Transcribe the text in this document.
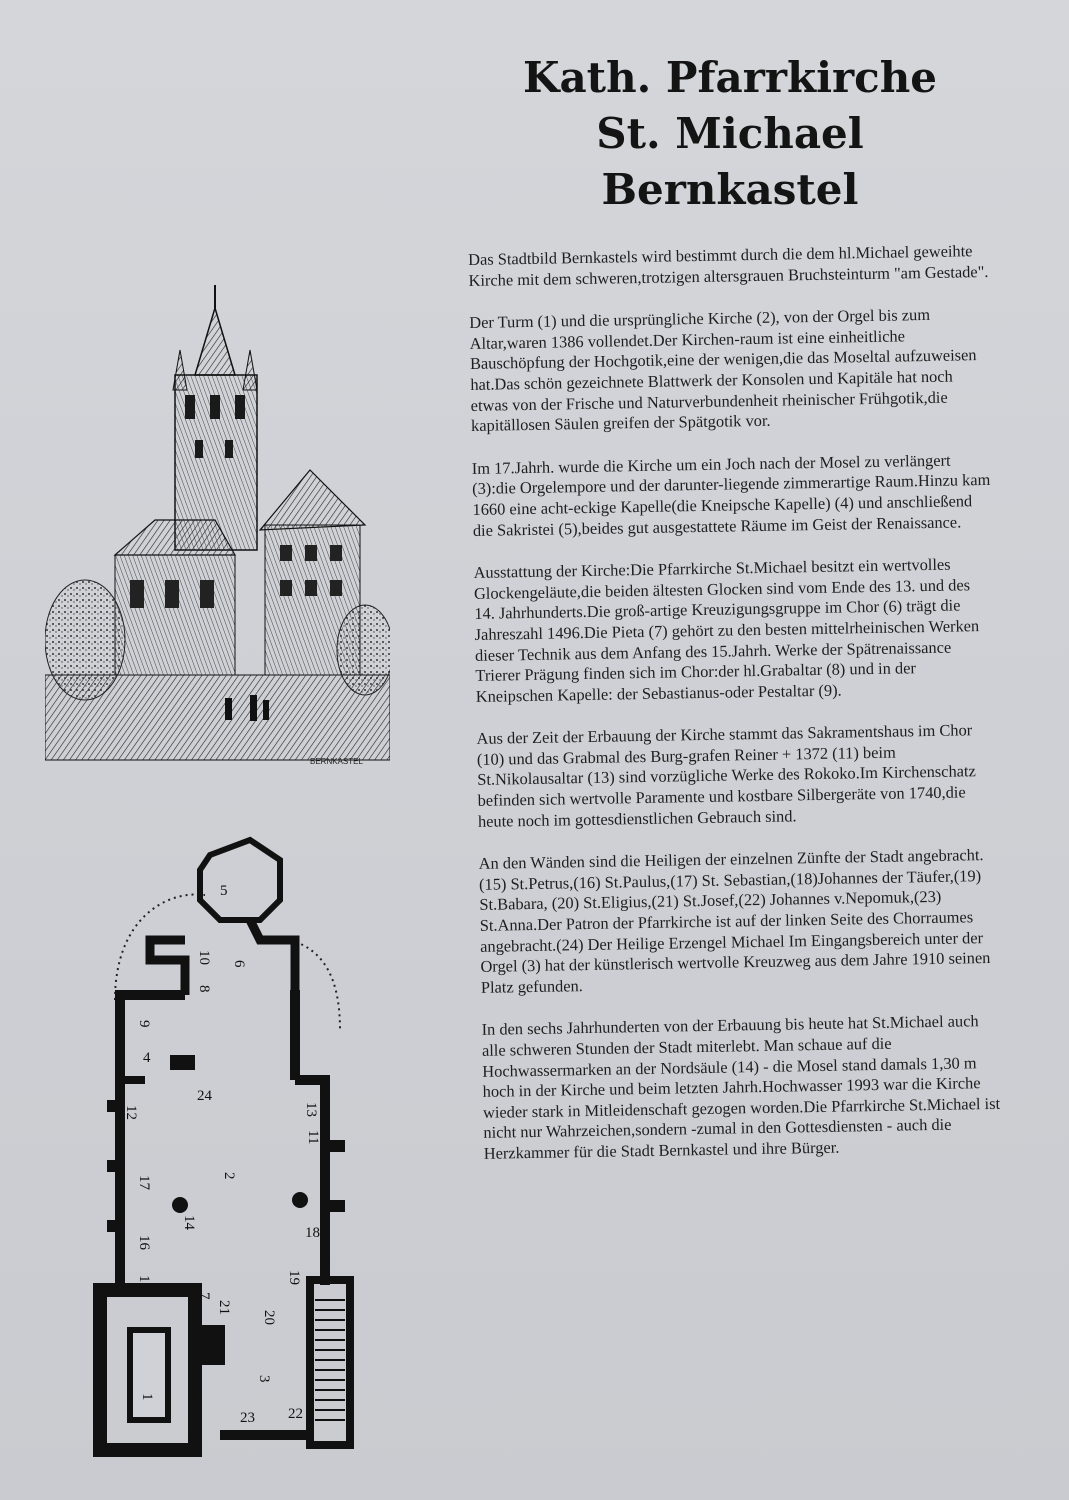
Kath. Pfarrkirche
St. Michael Bernkastel

Das Stadtbild Bernkastels wird bestimmt durch die dem hl.Michael geweihte Kirche mit dem schweren,trotzigen altersgrauen Bruchsteinturm "am Gestade".

Der Turm (1) und die ursprüngliche Kirche (2), von der Orgel bis zum Altar,waren 1386 vollendet.Der Kirchen-raum ist eine einheitliche Bauschöpfung der Hochgotik,eine der wenigen,die das Moseltal aufzuweisen hat.Das schön gezeichnete Blattwerk der Konsolen und Kapitäle hat noch etwas von der Frische und Naturverbundenheit rheinischer Frühgotik,die kapitällosen Säulen greifen der Spätgotik vor.

Im 17.Jahrh. wurde die Kirche um ein Joch nach der Mosel zu verlängert (3):die Orgelempore und der darunter-liegende zimmerartige Raum.Hinzu kam 1660 eine acht-eckige Kapelle(die Kneipsche Kapelle) (4) und anschließend die Sakristei (5),beides gut ausgestattete Räume im Geist der Renaissance.

Ausstattung der Kirche:Die Pfarrkirche St.Michael besitzt ein wertvolles Glockengeläute,die beiden ältesten Glocken sind vom Ende des 13. und des 14. Jahrhunderts.Die groß-artige Kreuzigungsgruppe im Chor (6) trägt die Jahreszahl 1496.Die Pieta (7) gehört zu den besten mittelrheinischen Werken dieser Technik aus dem Anfang des 15.Jahrh. Werke der Spätrenaissance Trierer Prägung finden sich im Chor:der hl.Grabaltar (8) und in der Kneipschen Kapelle: der Sebastianus-oder Pestaltar (9).

Aus der Zeit der Erbauung der Kirche stammt das Sakramentshaus im Chor (10) und das Grabmal des Burg-grafen Reiner + 1372 (11) beim St.Nikolausaltar (13) sind vorzügliche Werke des Rokoko.Im Kirchenschatz befinden sich wertvolle Paramente und kostbare Silbergeräte von 1740,die heute noch im gottesdienstlichen Gebrauch sind.

An den Wänden sind die Heiligen der einzelnen Zünfte der Stadt angebracht.(15) St.Petrus,(16) St.Paulus,(17) St. Sebastian,(18)Johannes der Täufer,(19) St.Babara, (20) St.Eligius,(21) St.Josef,(22) Johannes v.Nepomuk,(23) St.Anna.Der Patron der Pfarrkirche ist auf der linken Seite des Chorraumes angebracht.(24) Der Heilige Erzengel Michael Im Eingangsbereich unter der Orgel (3) hat der künstlerisch wertvolle Kreuzweg aus dem Jahre 1910 seinen Platz gefunden.

In den sechs Jahrhunderten von der Erbauung bis heute hat St.Michael auch alle schweren Stunden der Stadt miterlebt. Man schaue auf die Hochwassermarken an der Nordsäule (14) - die Mosel stand damals 1,30 m hoch in der Kirche und beim letzten Jahrh.Hochwasser 1993 war die Kirche wieder stark in Mitleidenschaft gezogen worden.Die Pfarrkirche St.Michael ist nicht nur Wahrzeichen,sondern -zumal in den Gottesdiensten - auch die Herzkammer für die Stadt Bernkastel und ihre Bürger.

BERNKASTEL
5
6
10
8
9
4
24
12	13
11
2
17
14
18
16
15	19
7
21
20
3
1
23 22
